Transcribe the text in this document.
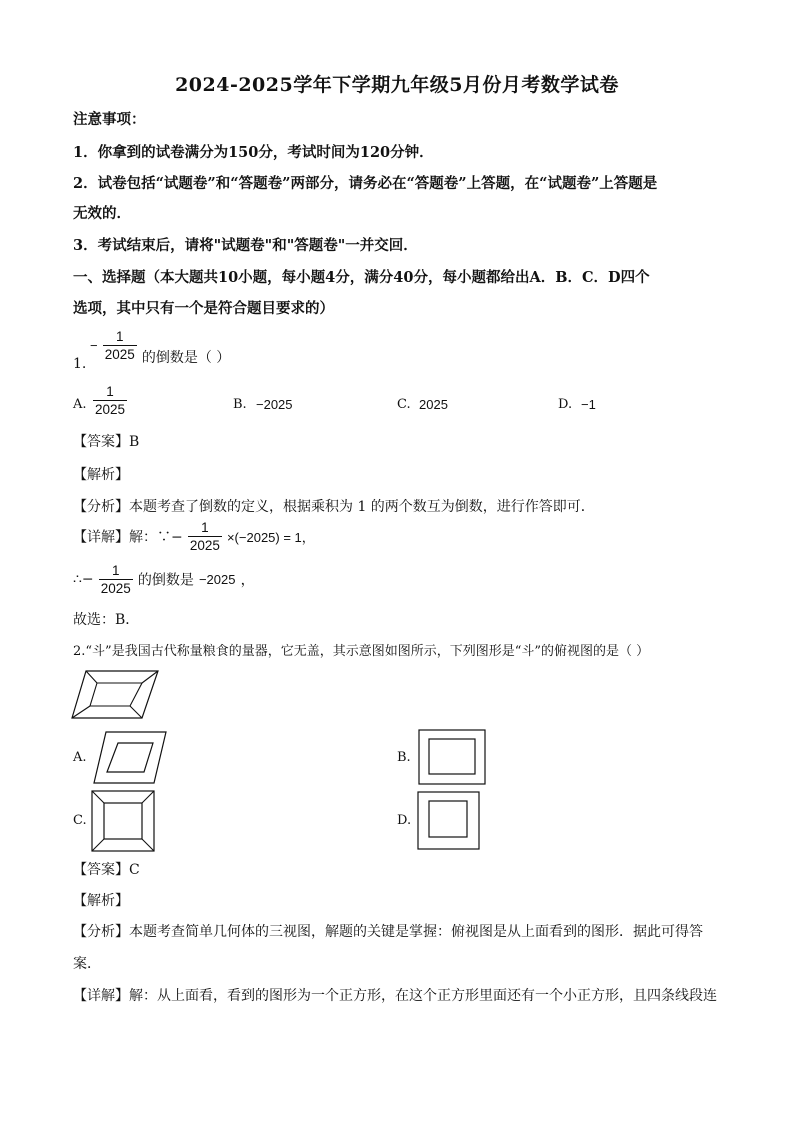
2024-2025学年下学期九年级5月份月考数学试卷
注意事项：
1．你拿到的试卷满分为150分，考试时间为120分钟．
2．试卷包括“试题卷”和“答题卷”两部分，请务必在“答题卷”上答题，在“试题卷”上答题是
无效的．
3．考试结束后，请将"试题卷"和"答题卷"一并交回．
一、选择题（本大题共10小题，每小题4分，满分40分，每小题都给出A．B．C．D四个
选项，其中只有一个是符合题目要求的）
1.
− $\frac{1}{2025}$ 的倒数是（ ）
A. $\frac{1}{2025}$	B. −2025	C. 2025	D. −1
【答案】B
【解析】
【分析】本题考查了倒数的定义，根据乘积为 1 的两个数互为倒数，进行作答即可．
【详解】解：∵− $\frac{1}{2025} \times(-2025) = 1$，
∴− $\frac{1}{2025}$ 的倒数是 −2025 ，
故选：B．
2.“斗”是我国古代称量粮食的量器，它无盖，其示意图如图所示，下列图形是“斗”的俯视图的是（ ）
A.	B.
C.	D.
【答案】C
【解析】
【分析】本题考查简单几何体的三视图，解题的关键是掌握：俯视图是从上面看到的图形．据此可得答
案．
【详解】解：从上面看，看到的图形为一个正方形，在这个正方形里面还有一个小正方形，且四条线段连
